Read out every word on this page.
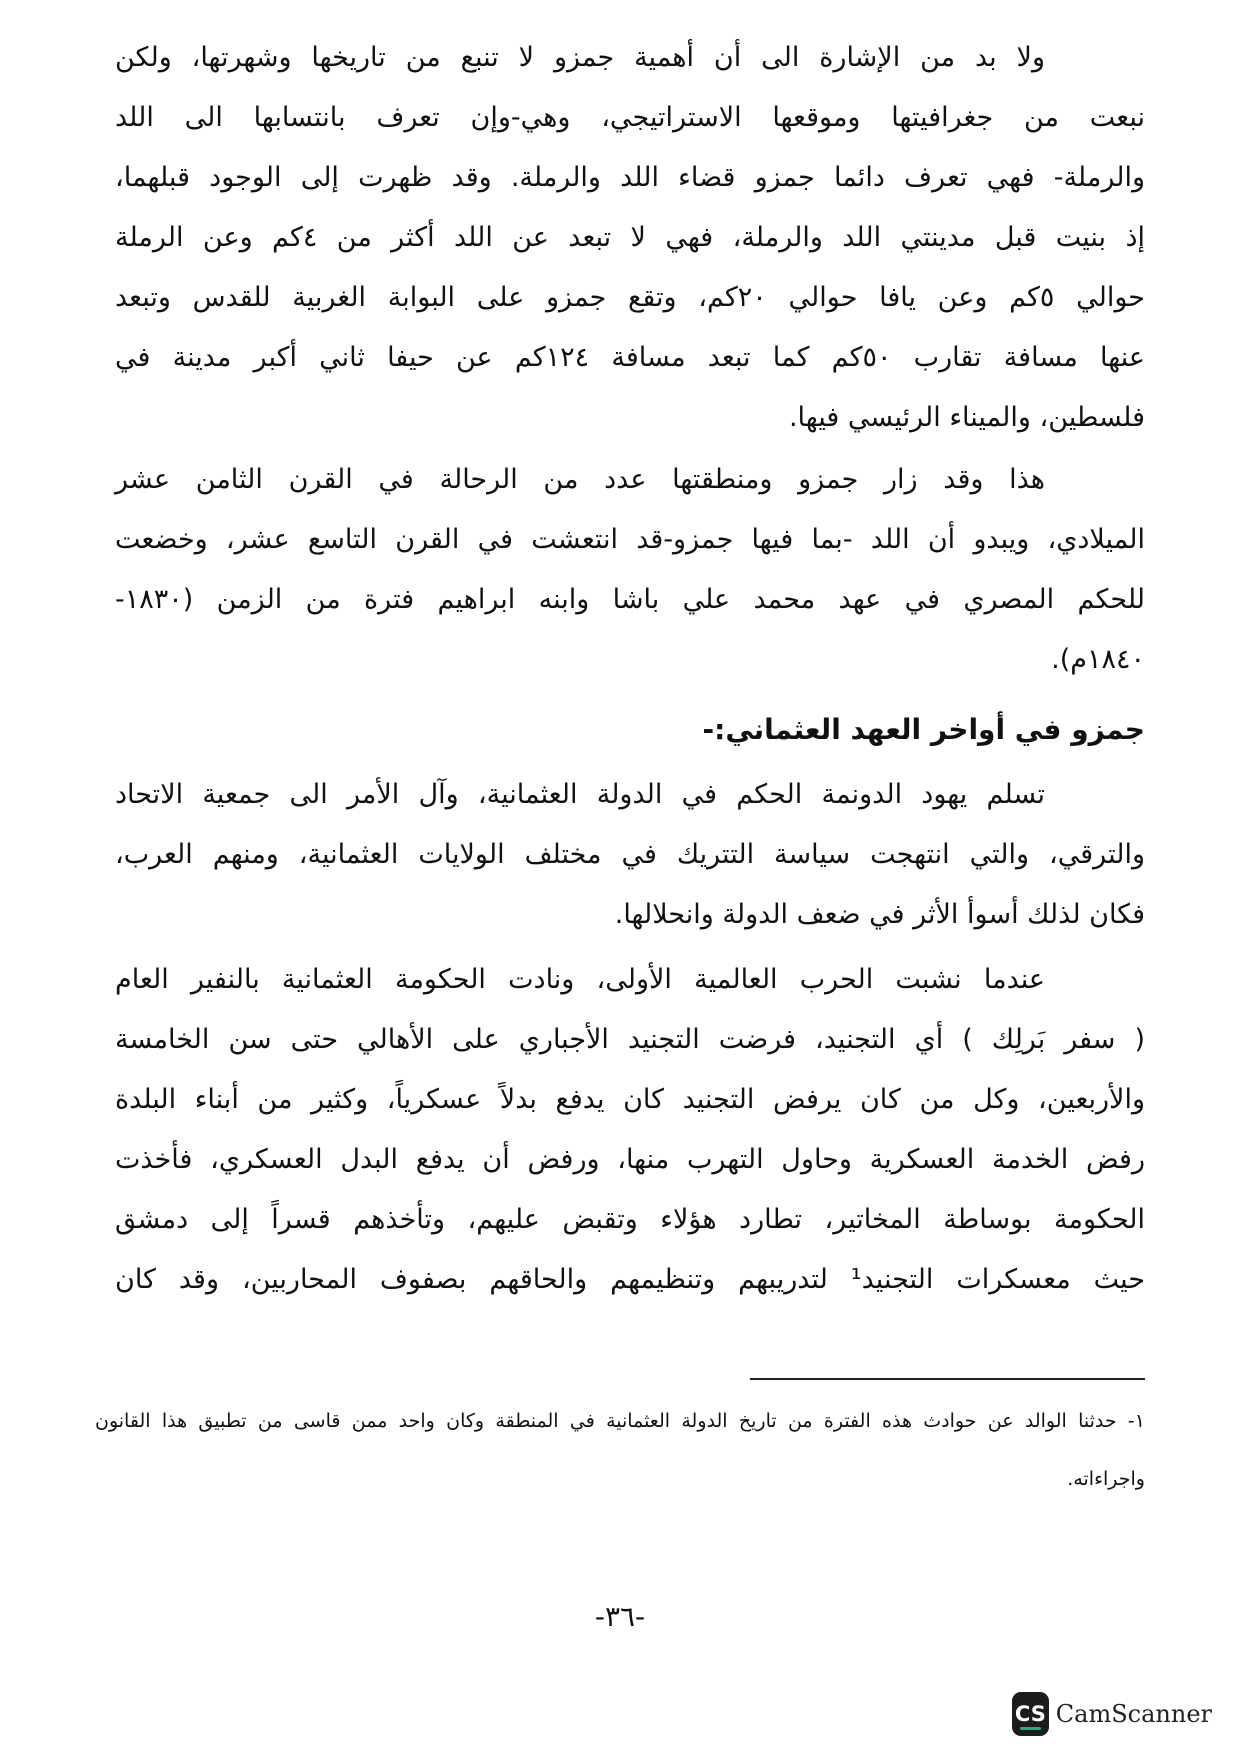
ولا بد من الإشارة الى أن أهمية جمزو لا تنبع من تاريخها وشهرتها، ولكن
نبعت من جغرافيتها وموقعها الاستراتيجي، وهي-وإن تعرف بانتسابها الى اللد
والرملة- فهي تعرف دائما جمزو قضاء اللد والرملة. وقد ظهرت إلى الوجود قبلهما،
إذ بنيت قبل مدينتي اللد والرملة، فهي لا تبعد عن اللد أكثر من ٤كم وعن الرملة
حوالي ٥كم وعن يافا حوالي ٢٠كم، وتقع جمزو على البوابة الغربية للقدس وتبعد
عنها مسافة تقارب ٥٠كم كما تبعد مسافة ١٢٤كم عن حيفا ثاني أكبر مدينة في
فلسطين، والميناء الرئيسي فيها.
هذا وقد زار جمزو ومنطقتها عدد من الرحالة في القرن الثامن عشر
الميلادي، ويبدو أن اللد -بما فيها جمزو-قد انتعشت في القرن التاسع عشر، وخضعت
للحكم المصري في عهد محمد علي باشا وابنه ابراهيم فترة من الزمن (١٨٣٠-
١٨٤٠م).
جمزو في أواخر العهد العثماني:-
تسلم يهود الدونمة الحكم في الدولة العثمانية، وآل الأمر الى جمعية الاتحاد
والترقي، والتي انتهجت سياسة التتريك في مختلف الولايات العثمانية، ومنهم العرب،
فكان لذلك أسوأ الأثر في ضعف الدولة وانحلالها.
عندما نشبت الحرب العالمية الأولى، ونادت الحكومة العثمانية بالنفير العام
( سفر بَرلِك ) أي التجنيد، فرضت التجنيد الأجباري على الأهالي حتى سن الخامسة
والأربعين، وكل من كان يرفض التجنيد كان يدفع بدلاً عسكرياً، وكثير من أبناء البلدة
رفض الخدمة العسكرية وحاول التهرب منها، ورفض أن يدفع البدل العسكري، فأخذت
الحكومة بوساطة المخاتير، تطارد هؤلاء وتقبض عليهم، وتأخذهم قسراً إلى دمشق
حيث معسكرات التجنيد¹ لتدريبهم وتنظيمهم والحاقهم بصفوف المحاربين، وقد كان
١- حدثنا الوالد عن حوادث هذه الفترة من تاريخ الدولة العثمانية في المنطقة وكان واحد ممن قاسى من تطبيق هذا القانون
واجراءاته.
-٣٦-
CS CamScanner
